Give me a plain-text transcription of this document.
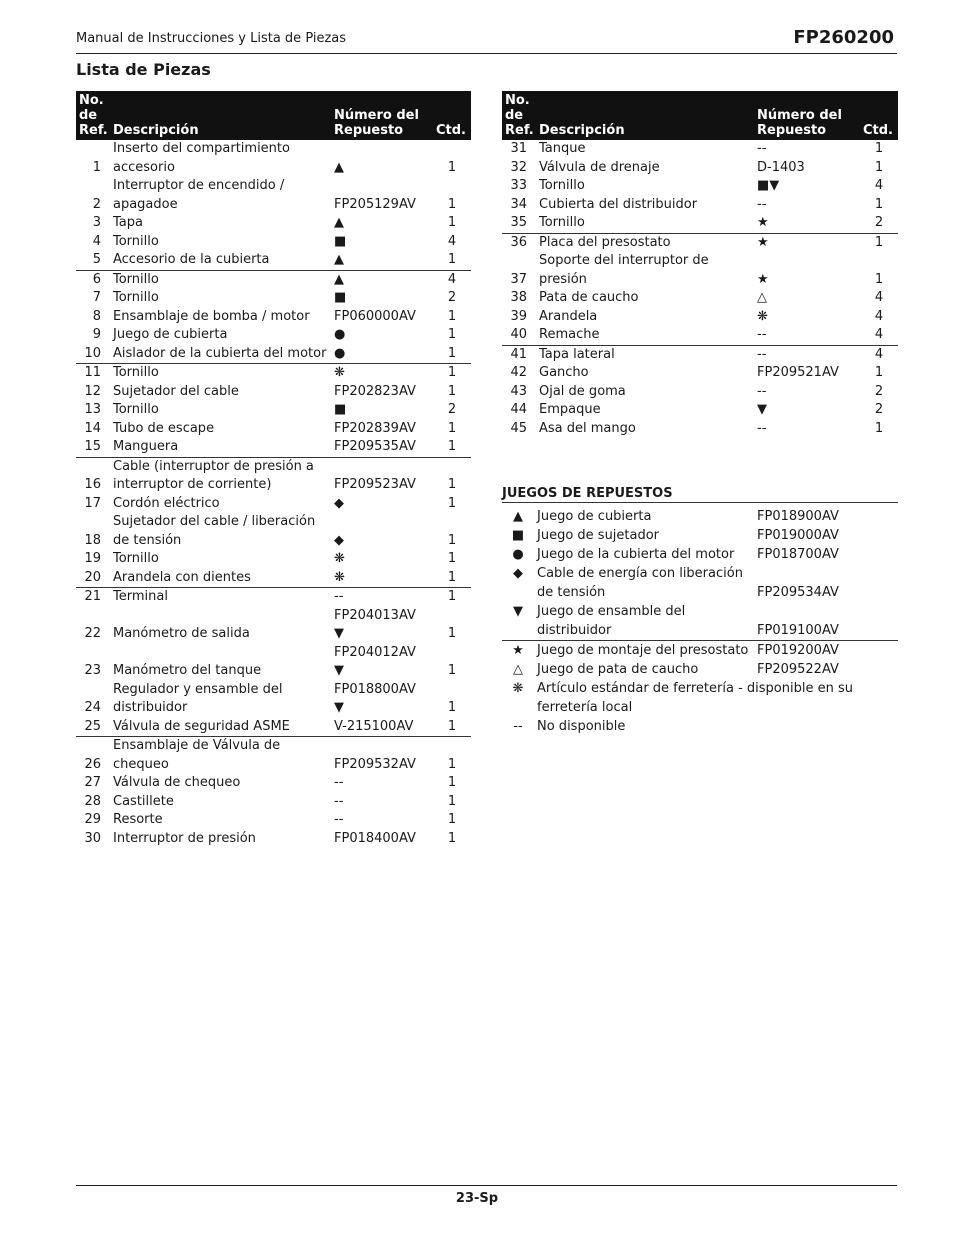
Manual de Instrucciones y Lista de Piezas	FP260200
Lista de Piezas
No. de Ref.	Descripción	Número del Repuesto	Ctd.
1	Inserto del compartimiento accesorio	▲	1
2	Interruptor de encendido / apagadoe	FP205129AV	1
3	Tapa	▲	1
4	Tornillo	■	4
5	Accesorio de la cubierta	▲	1
6	Tornillo	▲	4
7	Tornillo	■	2
8	Ensamblaje de bomba / motor	FP060000AV	1
9	Juego de cubierta	●	1
10	Aislador de la cubierta del motor	●	1
11	Tornillo	❋	1
12	Sujetador del cable	FP202823AV	1
13	Tornillo	■	2
14	Tubo de escape	FP202839AV	1
15	Manguera	FP209535AV	1
16	Cable (interruptor de presión a interruptor de corriente)	FP209523AV	1
17	Cordón eléctrico	◆	1
18	Sujetador del cable / liberación de tensión	◆	1
19	Tornillo	❋	1
20	Arandela con dientes	❋	1
21	Terminal	--	1
22	Manómetro de salida	FP204013AV ▼	1
23	Manómetro del tanque	FP204012AV ▼	1
24	Regulador y ensamble del distribuidor	FP018800AV ▼	1
25	Válvula de seguridad ASME	V-215100AV	1
26	Ensamblaje de Válvula de chequeo	FP209532AV	1
27	Válvula de chequeo	--	1
28	Castillete	--	1
29	Resorte	--	1
30	Interruptor de presión	FP018400AV	1
No. de Ref.	Descripción	Número del Repuesto	Ctd.
31	Tanque	--	1
32	Válvula de drenaje	D-1403	1
33	Tornillo	■▼	4
34	Cubierta del distribuidor	--	1
35	Tornillo	★	2
36	Placa del presostato	★	1
37	Soporte del interruptor de presión	★	1
38	Pata de caucho	△	4
39	Arandela	❋	4
40	Remache	--	4
41	Tapa lateral	--	4
42	Gancho	FP209521AV	1
43	Ojal de goma	--	2
44	Empaque	▼	2
45	Asa del mango	--	1
JUEGOS DE REPUESTOS
▲	Juego de cubierta	FP018900AV
■	Juego de sujetador	FP019000AV
●	Juego de la cubierta del motor	FP018700AV
◆	Cable de energía con liberación de tensión	FP209534AV
▼	Juego de ensamble del distribuidor	FP019100AV
★	Juego de montaje del presostato	FP019200AV
△	Juego de pata de caucho	FP209522AV
❋	Artículo estándar de ferretería - disponible en su ferretería local	
--	No disponible	
23-Sp
